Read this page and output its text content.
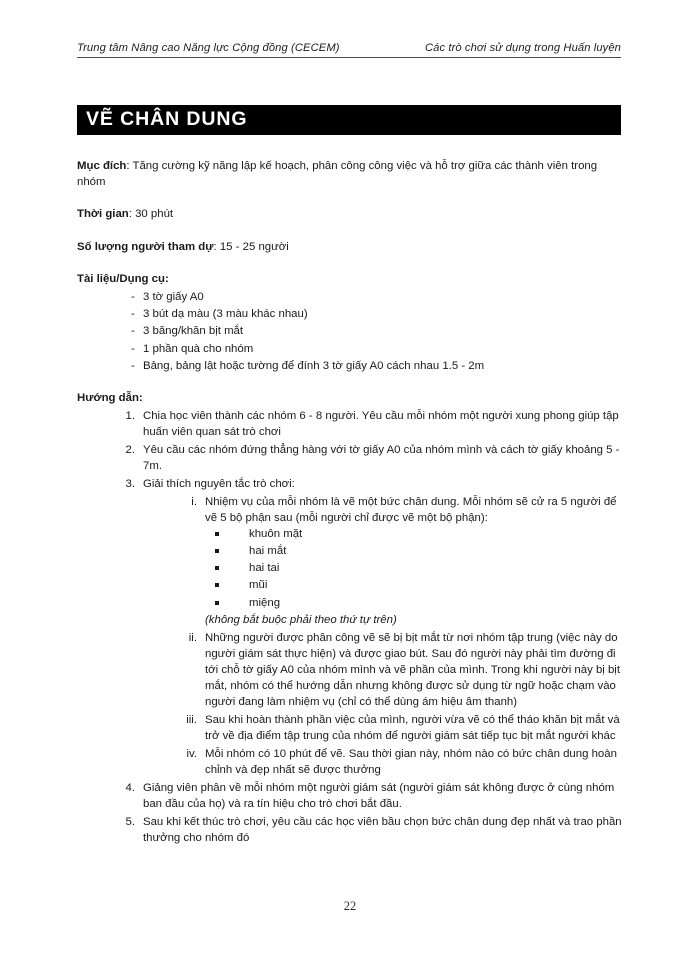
Trung tâm Nâng cao Năng lực Cộng đồng (CECEM)	Các trò chơi sử dụng trong Huấn luyện
VẼ CHÂN DUNG
Mục đích: Tăng cường kỹ năng lập kế hoạch, phân công công việc và hỗ trợ giữa các thành viên trong nhóm
Thời gian: 30 phút
Số lượng người tham dự: 15 - 25 người
Tài liệu/Dụng cụ:
- 3 tờ giấy A0
- 3 bút dạ màu (3 màu khác nhau)
- 3 băng/khăn bịt mắt
- 1 phần quà cho nhóm
- Bảng, bảng lật hoặc tường để đính 3 tờ giấy A0 cách nhau 1.5 - 2m
Hướng dẫn:
1. Chia học viên thành các nhóm 6 - 8 người. Yêu cầu mỗi nhóm một người xung phong giúp tập huấn viên quan sát trò chơi
2. Yêu cầu các nhóm đứng thẳng hàng với tờ giấy A0 của nhóm mình và cách tờ giấy khoảng 5 - 7m.
3. Giải thích nguyên tắc trò chơi:
i. Nhiệm vụ của mỗi nhóm là vẽ một bức chân dung. Mỗi nhóm sẽ cử ra 5 người để vẽ 5 bộ phận sau (mỗi người chỉ được vẽ một bộ phận):
khuôn mặt
hai mắt
hai tai
mũi
miệng
(không bắt buộc phải theo thứ tự trên)
ii. Những người được phân công vẽ sẽ bị bịt mắt từ nơi nhóm tập trung (việc này do người giám sát thực hiện) và được giao bút. Sau đó người này phải tìm đường đi tới chỗ tờ giấy A0 của nhóm mình và vẽ phần của mình. Trong khi người này bị bịt mắt, nhóm có thể hướng dẫn nhưng không được sử dụng từ ngữ hoặc chạm vào người đang làm nhiệm vụ (chỉ có thể dùng ám hiệu âm thanh)
iii. Sau khi hoàn thành phần việc của mình, người vừa vẽ có thể tháo khăn bịt mắt và trở về địa điểm tập trung của nhóm để người giám sát tiếp tục bịt mắt người khác
iv. Mỗi nhóm có 10 phút để vẽ. Sau thời gian này, nhóm nào có bức chân dung hoàn chỉnh và đẹp nhất sẽ được thưởng
4. Giảng viên phân về mỗi nhóm một người giám sát (người giám sát không được ở cùng nhóm ban đầu của họ) và ra tín hiệu cho trò chơi bắt đầu.
5. Sau khi kết thúc trò chơi, yêu cầu các học viên bầu chọn bức chân dung đẹp nhất và trao phần thưởng cho nhóm đó
22
